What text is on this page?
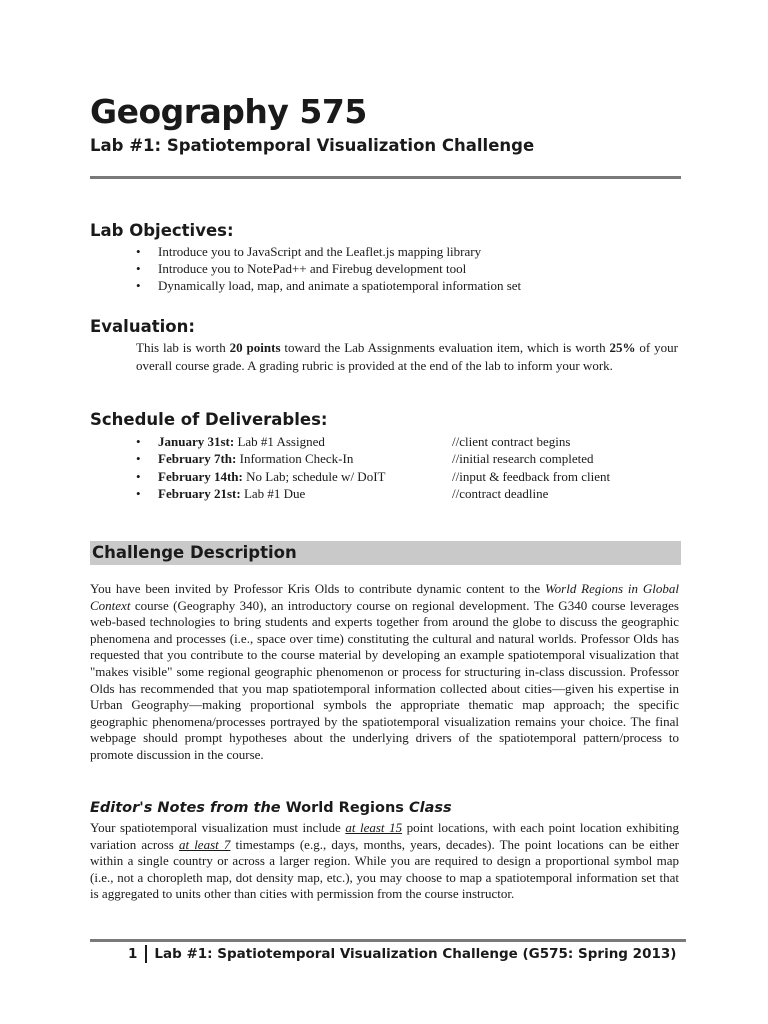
Geography 575
Lab #1: Spatiotemporal Visualization Challenge
Lab Objectives:
• Introduce you to JavaScript and the Leaflet.js mapping library
• Introduce you to NotePad++ and Firebug development tool
• Dynamically load, map, and animate a spatiotemporal information set
Evaluation:

This lab is worth 20 points toward the Lab Assignments evaluation item, which is worth 25% of your overall course grade. A grading rubric is provided at the end of the lab to inform your work.

Schedule of Deliverables:
• January 31st: Lab #1 Assigned	//client contract begins
• February 7th: Information Check-In	//initial research completed
• February 14th: No Lab; schedule w/ DoIT	//input & feedback from client
• February 21st: Lab #1 Due	//contract deadline
Challenge Description

You have been invited by Professor Kris Olds to contribute dynamic content to the World Regions in Global Context course (Geography 340), an introductory course on regional development. The G340 course leverages web-based technologies to bring students and experts together from around the globe to discuss the geographic phenomena and processes (i.e., space over time) constituting the cultural and natural worlds. Professor Olds has requested that you contribute to the course material by developing an example spatiotemporal visualization that "makes visible" some regional geographic phenomenon or process for structuring in-class discussion. Professor Olds has recommended that you map spatiotemporal information collected about cities—given his expertise in Urban Geography—making proportional symbols the appropriate thematic map approach; the specific geographic phenomena/processes portrayed by the spatiotemporal visualization remains your choice. The final webpage should prompt hypotheses about the underlying drivers of the spatiotemporal pattern/process to promote discussion in the course.

Editor's Notes from the World Regions Class

Your spatiotemporal visualization must include at least 15 point locations, with each point location exhibiting variation across at least 7 timestamps (e.g., days, months, years, decades). The point locations can be either within a single country or across a larger region. While you are required to design a proportional symbol map (i.e., not a choropleth map, dot density map, etc.), you may choose to map a spatiotemporal information set that is aggregated to units other than cities with permission from the course instructor.

1 Lab #1: Spatiotemporal Visualization Challenge (G575: Spring 2013)
